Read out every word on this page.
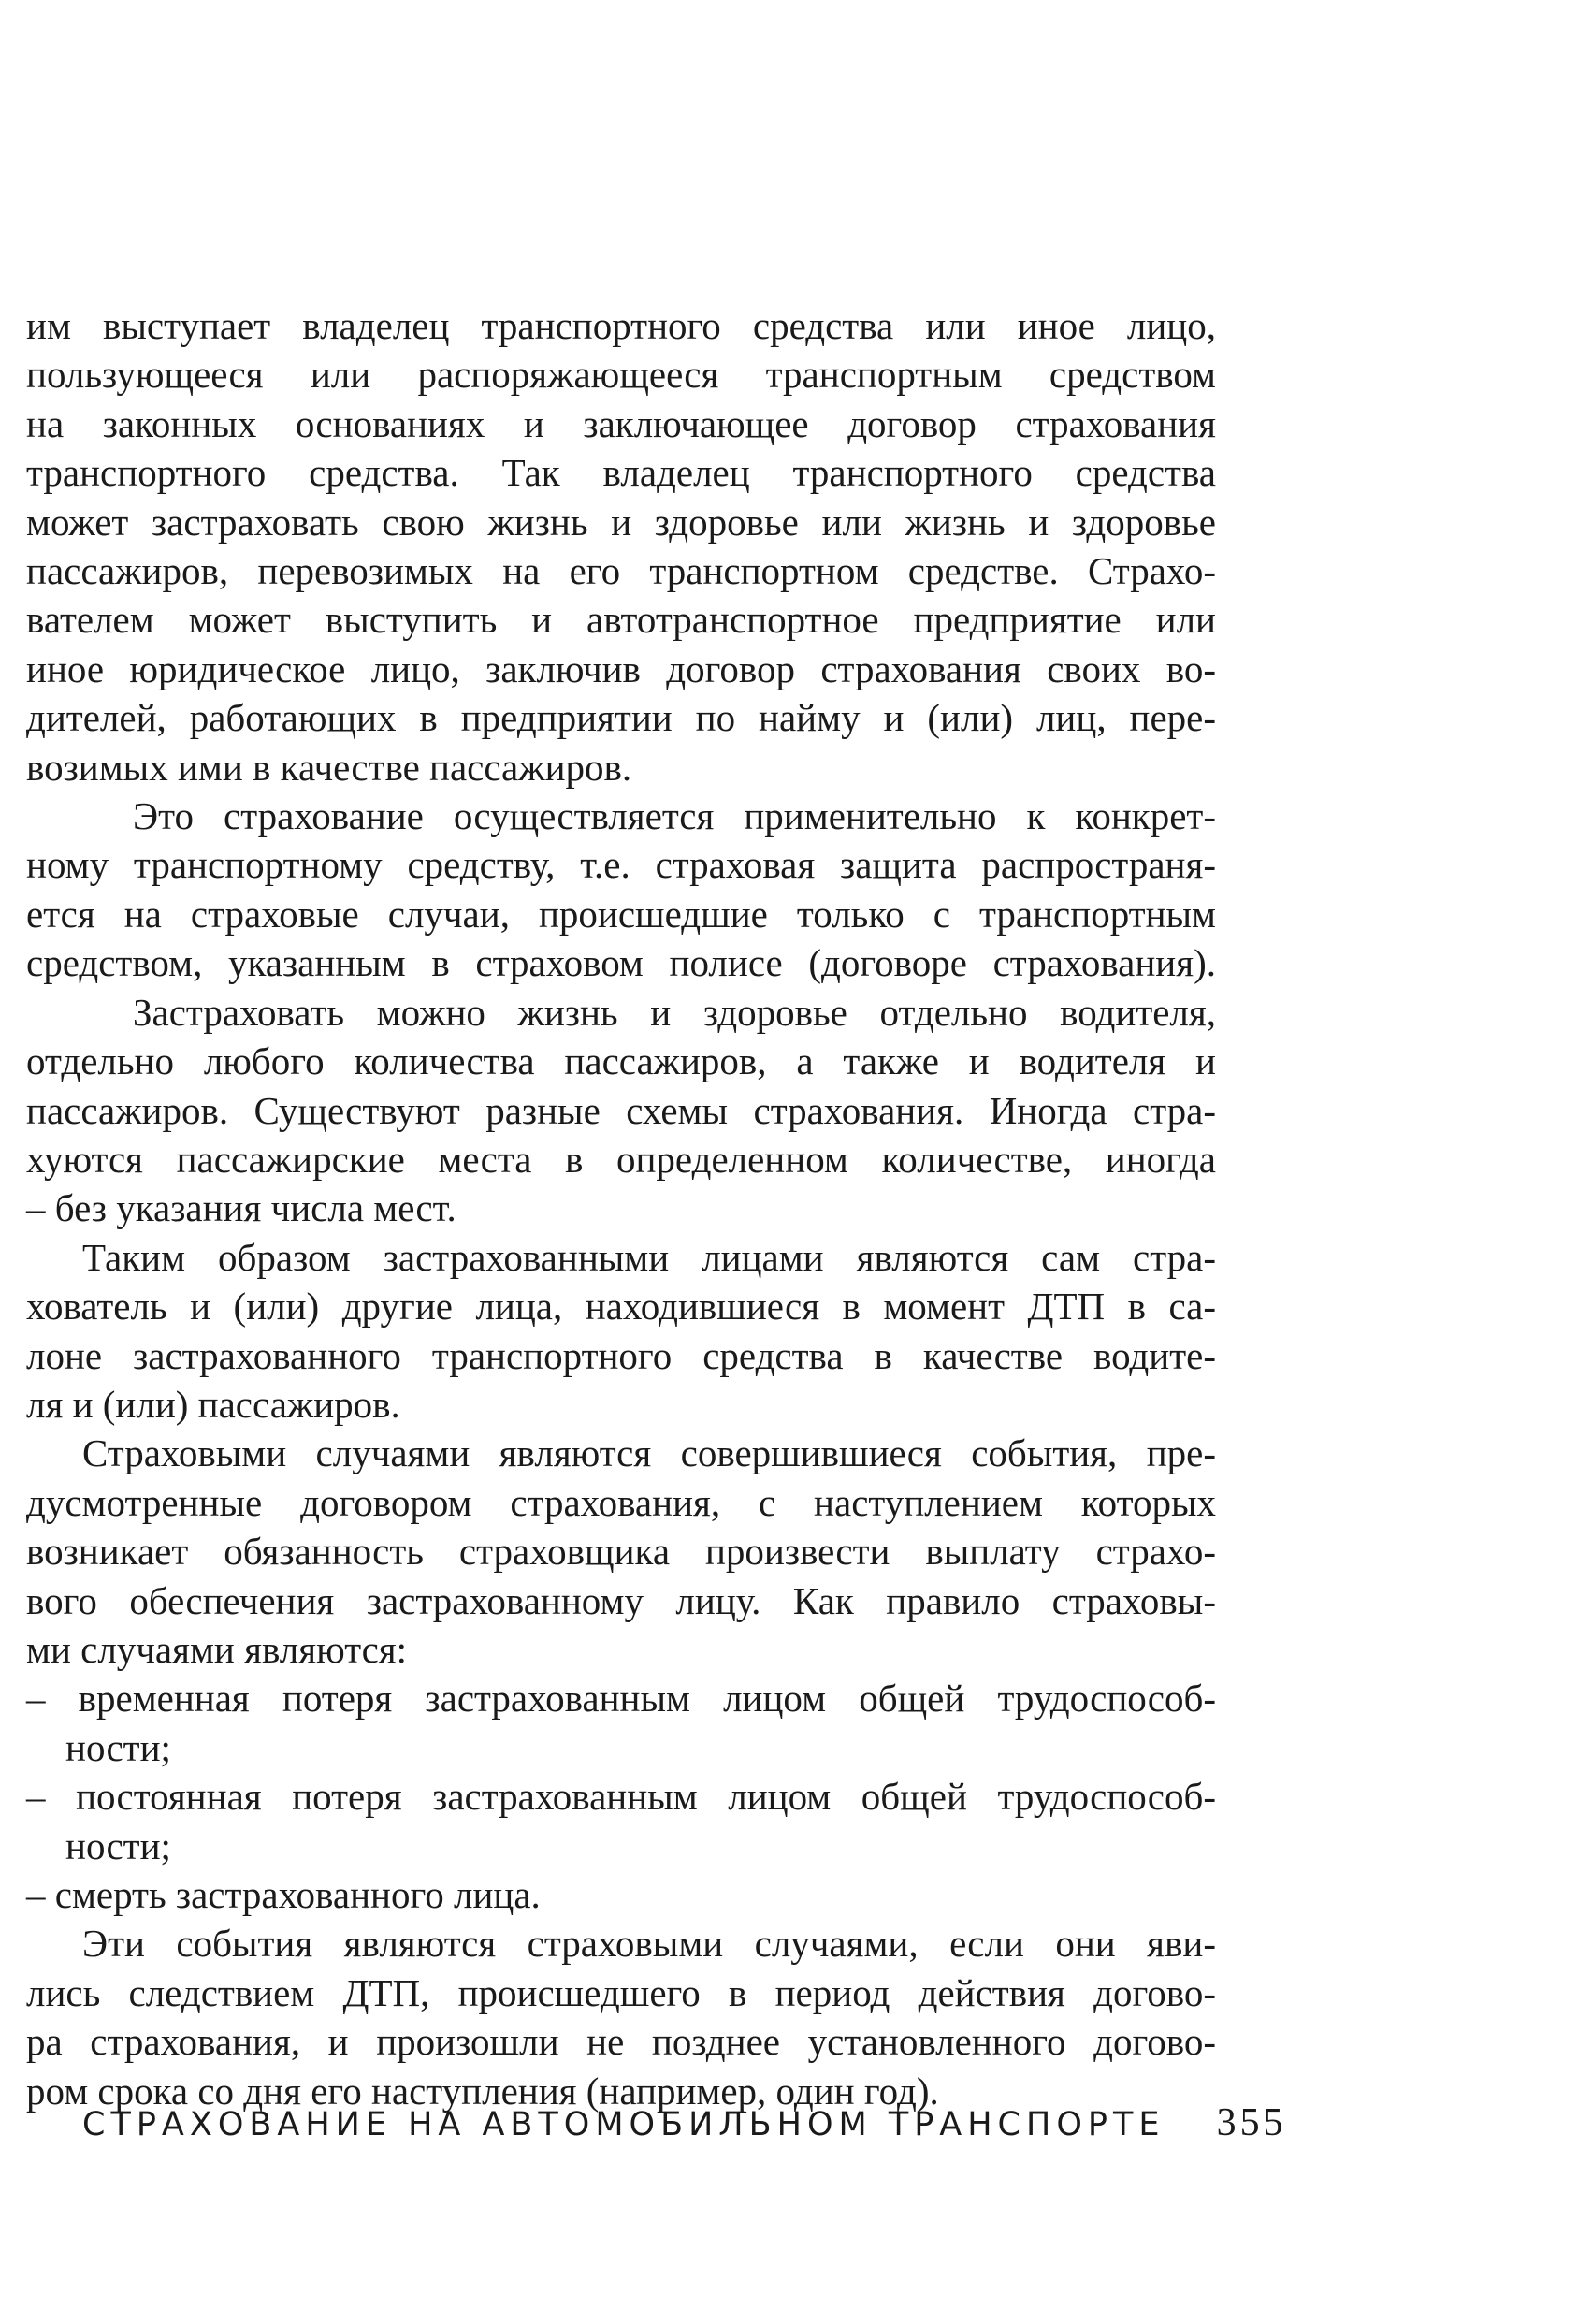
им выступает владелец транспортного средства или иное лицо,
пользующееся или распоряжающееся транспортным средством
на законных основаниях и заключающее договор страхования
транспортного средства. Так владелец транспортного средства
может застраховать свою жизнь и здоровье или жизнь и здоровье
пассажиров, перевозимых на его транспортном средстве. Страхо-
вателем может выступить и автотранспортное предприятие или
иное юридическое лицо, заключив договор страхования своих во-
дителей, работающих в предприятии по найму и (или) лиц, пере-
возимых ими в качестве пассажиров.
Это страхование осуществляется применительно к конкрет-
ному транспортному средству, т.е. страховая защита распространя-
ется на страховые случаи, происшедшие только с транспортным
средством, указанным в страховом полисе (договоре страхования).
Застраховать можно жизнь и здоровье отдельно водителя,
отдельно любого количества пассажиров, а также и водителя и
пассажиров. Существуют разные схемы страхования. Иногда стра-
хуются пассажирские места в определенном количестве, иногда
– без указания числа мест.
Таким образом застрахованными лицами являются сам стра-
хователь и (или) другие лица, находившиеся в момент ДТП в са-
лоне застрахованного транспортного средства в качестве водите-
ля и (или) пассажиров.
Страховыми случаями являются совершившиеся события, пре-
дусмотренные договором страхования, с наступлением которых
возникает обязанность страховщика произвести выплату страхо-
вого обеспечения застрахованному лицу. Как правило страховы-
ми случаями являются:
– временная потеря застрахованным лицом общей трудоспособ-
ности;
– постоянная потеря застрахованным лицом общей трудоспособ-
ности;
– смерть застрахованного лица.
Эти события являются страховыми случаями, если они яви-
лись следствием ДТП, происшедшего в период действия догово-
ра страхования, и произошли не позднее установленного догово-
ром срока со дня его наступления (например, один год).
СТРАХОВАНИЕ НА АВТОМОБИЛЬНОМ ТРАНСПОРТЕ 355
